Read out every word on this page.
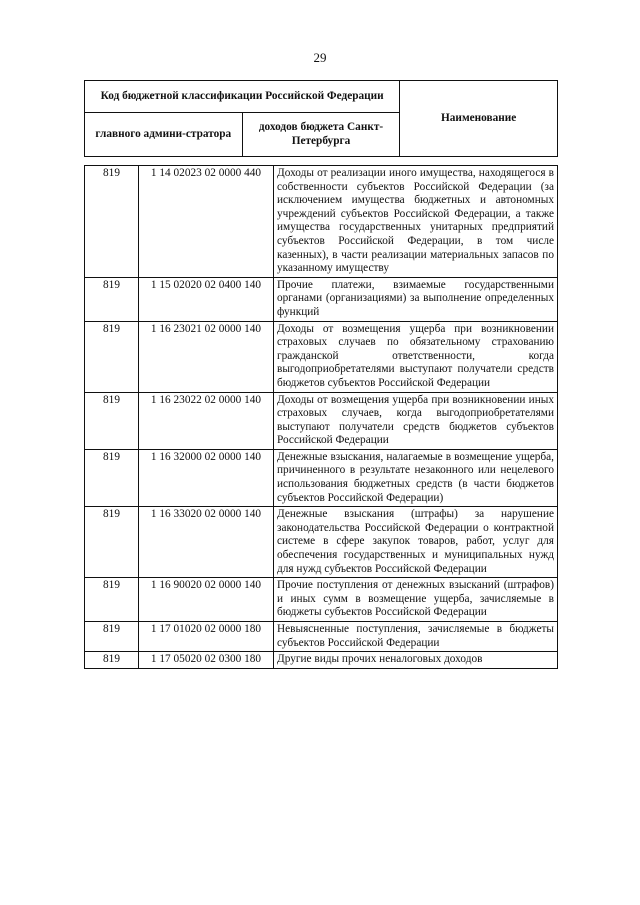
29
Код бюджетной классификации Российской Федерации		Наименование
главного админи-стратора	доходов бюджета Санкт-Петербурга	
819	1 14 02023 02 0000 440	Доходы от реализации иного имущества, находящегося в собственности субъектов Российской Федерации (за исключением имущества бюджетных и автономных учреждений субъектов Российской Федерации, а также имущества государственных унитарных предприятий субъектов Российской Федерации, в том числе казенных), в части реализации материальных запасов по указанному имуществу
819	1 15 02020 02 0400 140	Прочие платежи, взимаемые государственными органами (организациями) за выполнение определенных функций
819	1 16 23021 02 0000 140	Доходы от возмещения ущерба при возникновении страховых случаев по обязательному страхованию гражданской ответственности, когда выгодоприобретателями выступают получатели средств бюджетов субъектов Российской Федерации
819	1 16 23022 02 0000 140	Доходы от возмещения ущерба при возникновении иных страховых случаев, когда выгодоприобретателями выступают получатели средств бюджетов субъектов Российской Федерации
819	1 16 32000 02 0000 140	Денежные взыскания, налагаемые в возмещение ущерба, причиненного в результате незаконного или нецелевого использования бюджетных средств (в части бюджетов субъектов Российской Федерации)
819	1 16 33020 02 0000 140	Денежные взыскания (штрафы) за нарушение законодательства Российской Федерации о контрактной системе в сфере закупок товаров, работ, услуг для обеспечения государственных и муниципальных нужд для нужд субъектов Российской Федерации
819	1 16 90020 02 0000 140	Прочие поступления от денежных взысканий (штрафов) и иных сумм в возмещение ущерба, зачисляемые в бюджеты субъектов Российской Федерации
819	1 17 01020 02 0000 180	Невыясненные поступления, зачисляемые в бюджеты субъектов Российской Федерации
819	1 17 05020 02 0300 180	Другие виды прочих неналоговых доходов
